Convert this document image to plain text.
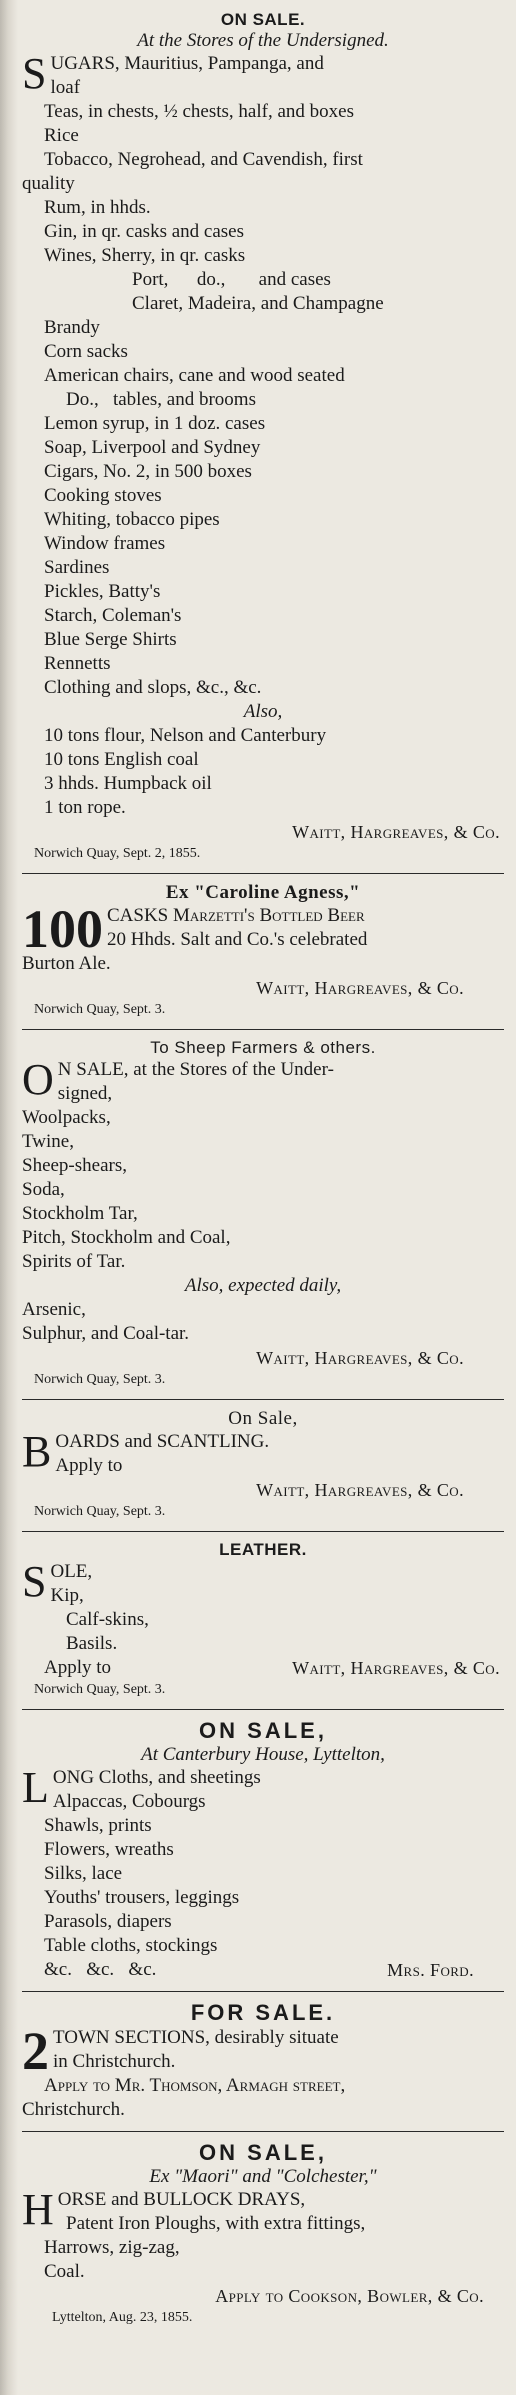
ON SALE.
At the Stores of the Undersigned.
S UGARS, Mauritius, Pampanga, and
loaf
Teas, in chests, ½ chests, half, and boxes
Rice
Tobacco, Negrohead, and Cavendish, first
quality
Rum, in hhds.
Gin, in qr. casks and cases
Wines, Sherry, in qr. casks
Port,      do.,       and cases
Claret, Madeira, and Champagne
Brandy
Corn sacks
American chairs, cane and wood seated
Do.,   tables, and brooms
Lemon syrup, in 1 doz. cases
Soap, Liverpool and Sydney
Cigars, No. 2, in 500 boxes
Cooking stoves
Whiting, tobacco pipes
Window frames
Sardines
Pickles, Batty's
Starch, Coleman's
Blue Serge Shirts
Rennetts
Clothing and slops, &c., &c.
Also,
10 tons flour, Nelson and Canterbury
10 tons English coal
3 hhds. Humpback oil
1 ton rope.
Waitt, Hargreaves, & Co.
Norwich Quay, Sept. 2, 1855.
Ex "Caroline Agness,"
100 CASKS Marzetti's Bottled Beer
20 Hhds. Salt and Co.'s celebrated
Burton Ale.
Waitt, Hargreaves, & Co.
Norwich Quay, Sept. 3.
To Sheep Farmers & others.
O N SALE, at the Stores of the Under-
signed,
Woolpacks,
Twine,
Sheep-shears,
Soda,
Stockholm Tar,
Pitch, Stockholm and Coal,
Spirits of Tar.
Also, expected daily,
Arsenic,
Sulphur, and Coal-tar.
Waitt, Hargreaves, & Co.
Norwich Quay, Sept. 3.
On Sale,
B OARDS and SCANTLING.
Apply to
Waitt, Hargreaves, & Co.
Norwich Quay, Sept. 3.
LEATHER.
S OLE,
Kip,
Calf-skins,
Basils.
Apply to	Waitt, Hargreaves, & Co.
Norwich Quay, Sept. 3.
ON SALE,
At Canterbury House, Lyttelton,
L ONG Cloths, and sheetings
Alpaccas, Cobourgs
Shawls, prints
Flowers, wreaths
Silks, lace
Youths' trousers, leggings
Parasols, diapers
Table cloths, stockings
&c.   &c.   &c.	Mrs. Ford.
FOR SALE.
2 TOWN SECTIONS, desirably situate
in Christchurch.
Apply to Mr. Thomson, Armagh street,
Christchurch.
ON SALE,
Ex "Maori" and "Colchester,"
H ORSE and BULLOCK DRAYS,
Patent Iron Ploughs, with extra fittings,
Harrows, zig-zag,
Coal.
Apply to Cookson, Bowler, & Co.
Lyttelton, Aug. 23, 1855.
